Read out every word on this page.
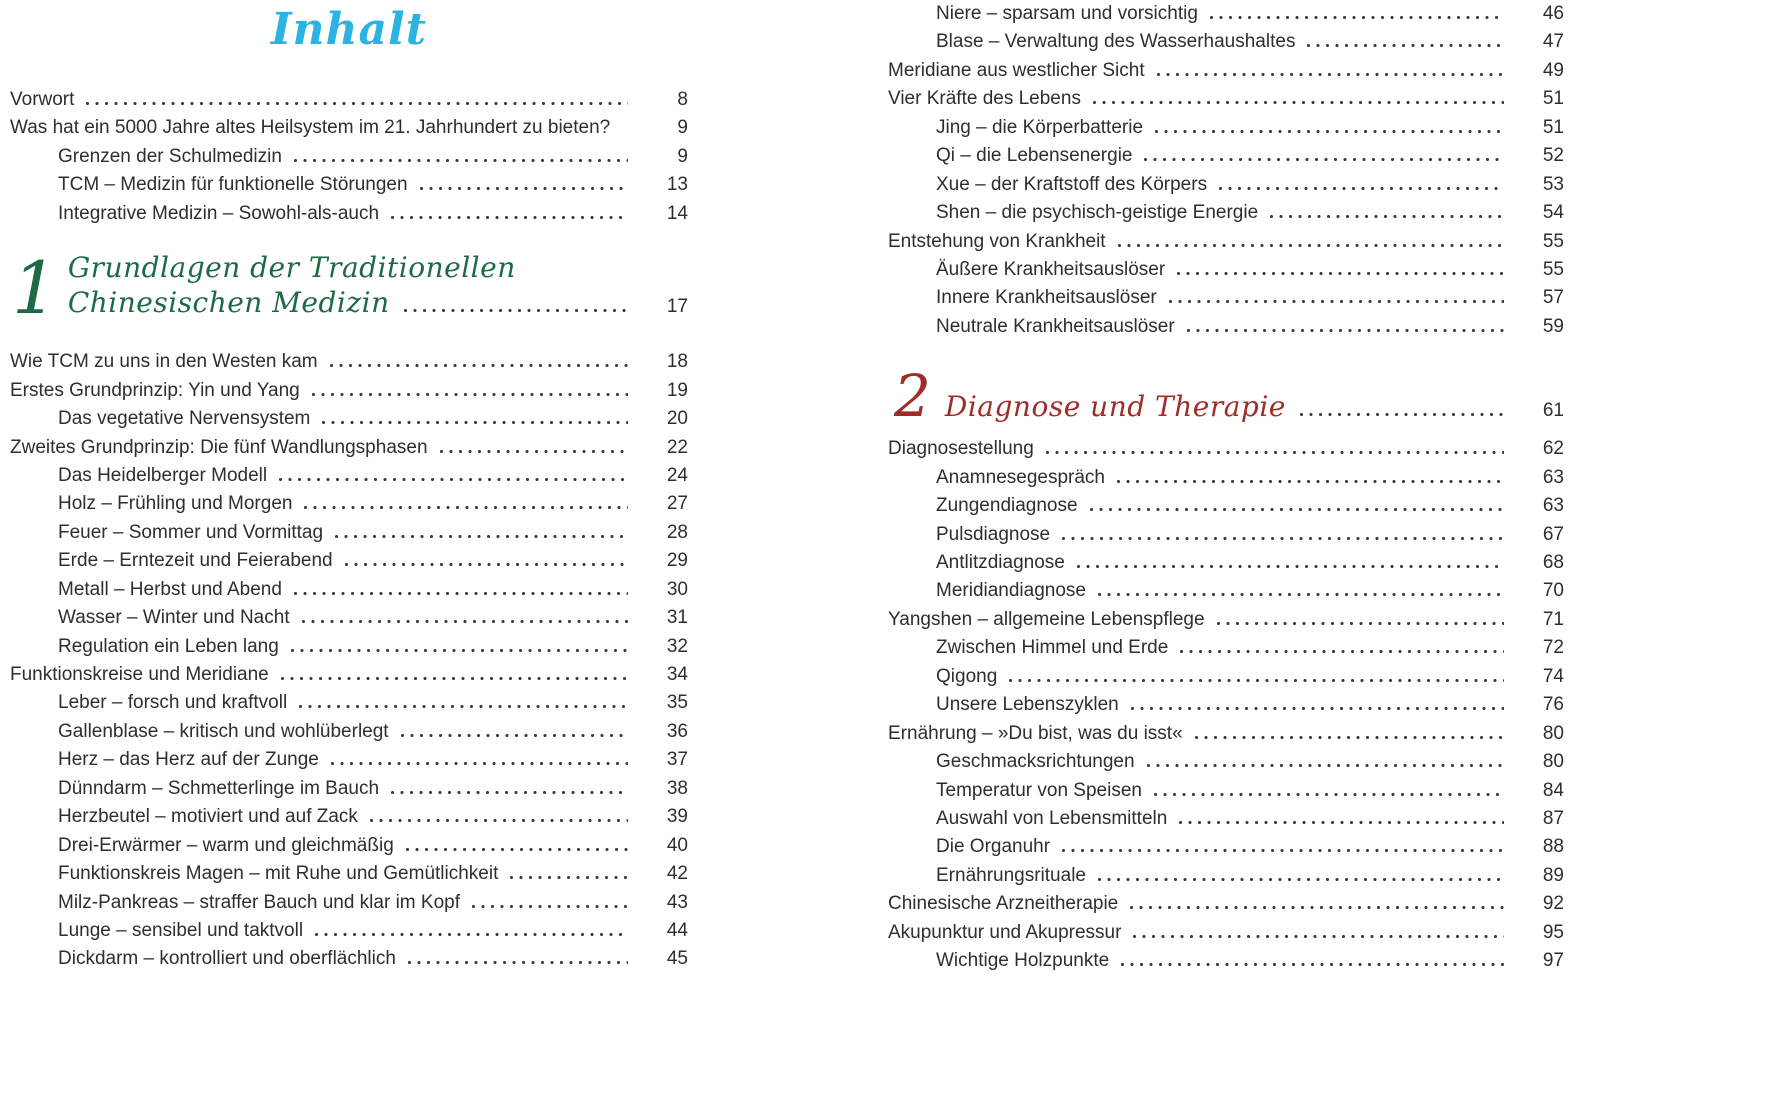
Inhalt
Vorwort	8
Was hat ein 5000 Jahre altes Heilsystem im 21. Jahrhundert zu bieten?	9
Grenzen der Schulmedizin	9
TCM – Medizin für funktionelle Störungen	13
Integrative Medizin – Sowohl-als-auch	14
1 Grundlagen der Traditionellen
Chinesischen Medizin	17
Wie TCM zu uns in den Westen kam	18
Erstes Grundprinzip: Yin und Yang	19
Das vegetative Nervensystem	20
Zweites Grundprinzip: Die fünf Wandlungsphasen	22
Das Heidelberger Modell	24
Holz – Frühling und Morgen	27
Feuer – Sommer und Vormittag	28
Erde – Erntezeit und Feierabend	29
Metall – Herbst und Abend	30
Wasser – Winter und Nacht	31
Regulation ein Leben lang	32
Funktionskreise und Meridiane	34
Leber – forsch und kraftvoll	35
Gallenblase – kritisch und wohlüberlegt	36
Herz – das Herz auf der Zunge	37
Dünndarm – Schmetterlinge im Bauch	38
Herzbeutel – motiviert und auf Zack	39
Drei-Erwärmer – warm und gleichmäßig	40
Funktionskreis Magen – mit Ruhe und Gemütlichkeit	42
Milz-Pankreas – straffer Bauch und klar im Kopf	43
Lunge – sensibel und taktvoll	44
Dickdarm – kontrolliert und oberflächlich	45
Niere – sparsam und vorsichtig	46
Blase – Verwaltung des Wasserhaushaltes	47
Meridiane aus westlicher Sicht	49
Vier Kräfte des Lebens	51
Jing – die Körperbatterie	51
Qi – die Lebensenergie	52
Xue – der Kraftstoff des Körpers	53
Shen – die psychisch-geistige Energie	54
Entstehung von Krankheit	55
Äußere Krankheitsauslöser	55
Innere Krankheitsauslöser	57
Neutrale Krankheitsauslöser	59
2 Diagnose und Therapie	61
Diagnosestellung	62
Anamnesegespräch	63
Zungendiagnose	63
Pulsdiagnose	67
Antlitzdiagnose	68
Meridiandiagnose	70
Yangshen – allgemeine Lebenspflege	71
Zwischen Himmel und Erde	72
Qigong	74
Unsere Lebenszyklen	76
Ernährung – »Du bist, was du isst«	80
Geschmacksrichtungen	80
Temperatur von Speisen	84
Auswahl von Lebensmitteln	87
Die Organuhr	88
Ernährungsrituale	89
Chinesische Arzneitherapie	92
Akupunktur und Akupressur	95
Wichtige Holzpunkte	97
